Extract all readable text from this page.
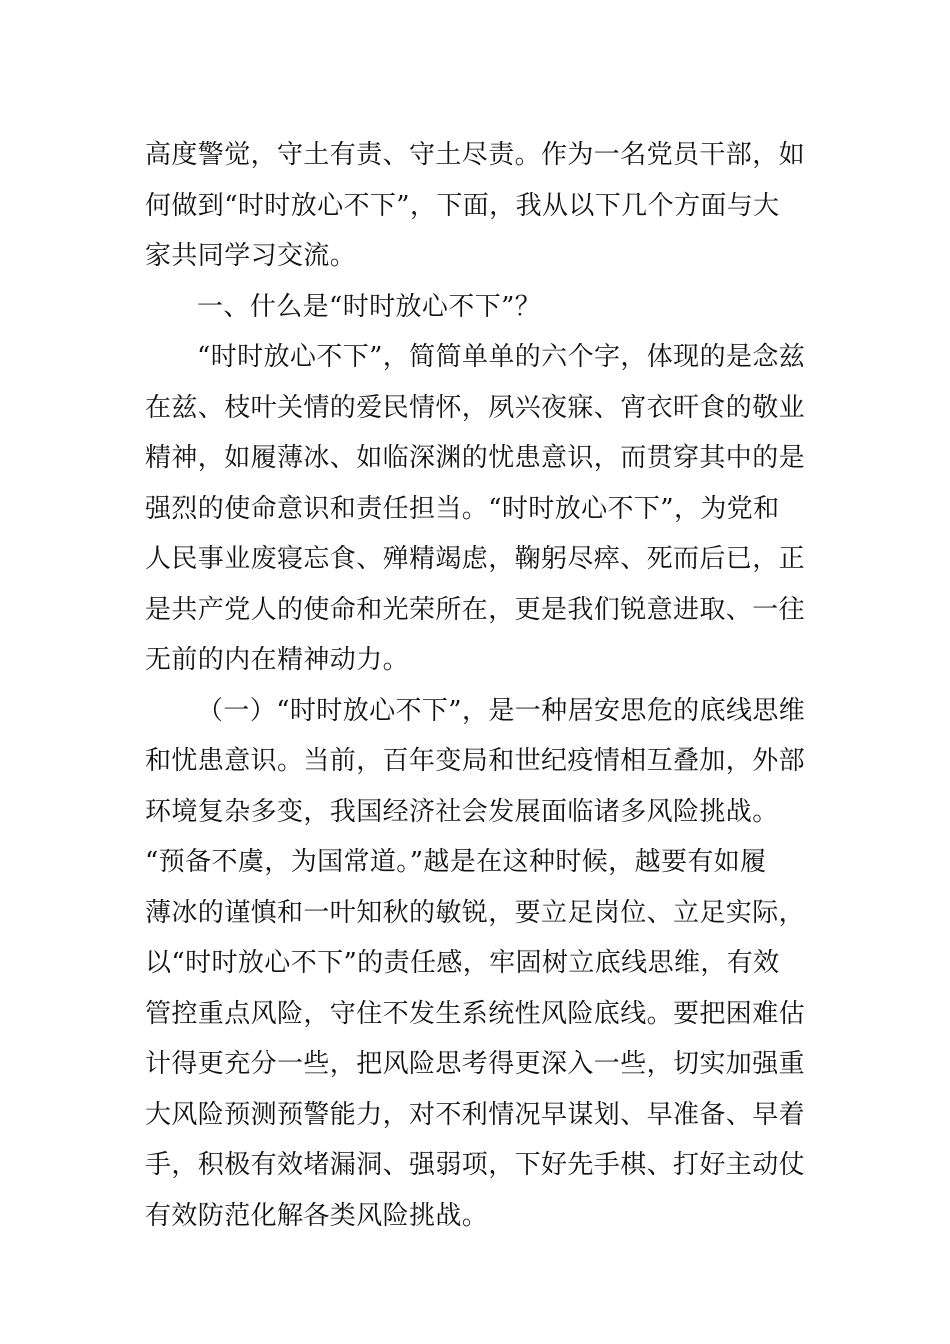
高度警觉，守土有责、守土尽责。作为一名党员干部，如
何做到“时时放心不下”，下面，我从以下几个方面与大
家共同学习交流。

一、什么是“时时放心不下”？

“时时放心不下”，简简单单的六个字，体现的是念兹
在兹、枝叶关情的爱民情怀，夙兴夜寐、宵衣旰食的敬业
精神，如履薄冰、如临深渊的忧患意识，而贯穿其中的是
强烈的使命意识和责任担当。“时时放心不下”，为党和
人民事业废寝忘食、殚精竭虑，鞠躬尽瘁、死而后已，正
是共产党人的使命和光荣所在，更是我们锐意进取、一往
无前的内在精神动力。

（一）“时时放心不下”，是一种居安思危的底线思维
和忧患意识。当前，百年变局和世纪疫情相互叠加，外部
环境复杂多变，我国经济社会发展面临诸多风险挑战。
“预备不虞，为国常道。”越是在这种时候，越要有如履
薄冰的谨慎和一叶知秋的敏锐，要立足岗位、立足实际，
以“时时放心不下”的责任感，牢固树立底线思维，有效
管控重点风险，守住不发生系统性风险底线。要把困难估
计得更充分一些，把风险思考得更深入一些，切实加强重
大风险预测预警能力，对不利情况早谋划、早准备、早着
手，积极有效堵漏洞、强弱项，下好先手棋、打好主动仗
有效防范化解各类风险挑战。
